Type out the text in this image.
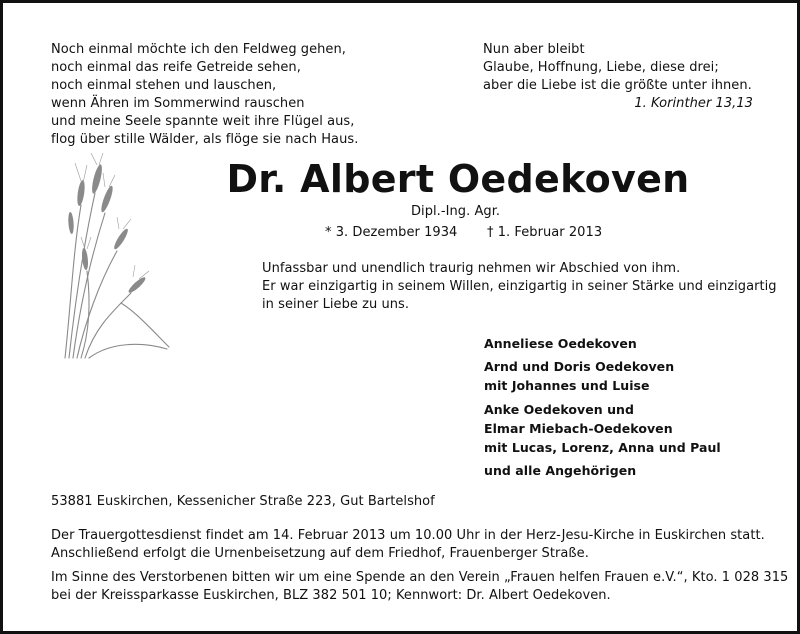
Noch einmal möchte ich den Feldweg gehen,
noch einmal das reife Getreide sehen,
noch einmal stehen und lauschen,
wenn Ähren im Sommerwind rauschen
und meine Seele spannte weit ihre Flügel aus,
flog über stille Wälder, als flöge sie nach Haus.
Nun aber bleibt
Glaube, Hoffnung, Liebe, diese drei;
aber die Liebe ist die größte unter ihnen.
1. Korinther 13,13
Dr. Albert Oedekoven
Dipl.-Ing. Agr.
* 3. Dezember 1934 † 1. Februar 2013
Unfassbar und unendlich traurig nehmen wir Abschied von ihm.
Er war einzigartig in seinem Willen, einzigartig in seiner Stärke und einzigartig
in seiner Liebe zu uns.
Anneliese Oedekoven
Arnd und Doris Oedekoven
mit Johannes und Luise
Anke Oedekoven und
Elmar Miebach-Oedekoven
mit Lucas, Lorenz, Anna und Paul
und alle Angehörigen
53881 Euskirchen, Kessenicher Straße 223, Gut Bartelshof
Der Trauergottesdienst findet am 14. Februar 2013 um 10.00 Uhr in der Herz-Jesu-Kirche in Euskirchen statt.
Anschließend erfolgt die Urnenbeisetzung auf dem Friedhof, Frauenberger Straße.
Im Sinne des Verstorbenen bitten wir um eine Spende an den Verein „Frauen helfen Frauen e.V.“, Kto. 1 028 315
bei der Kreissparkasse Euskirchen, BLZ 382 501 10; Kennwort: Dr. Albert Oedekoven.
